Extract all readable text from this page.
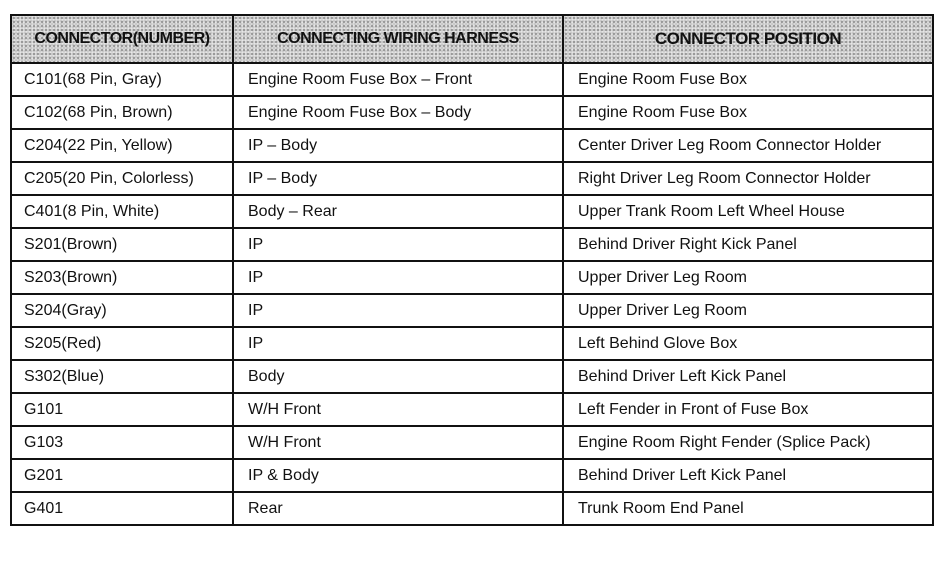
CONNECTOR(NUMBER)	CONNECTING WIRING HARNESS	CONNECTOR POSITION
C101(68 Pin, Gray)	Engine Room Fuse Box – Front	Engine Room Fuse Box
C102(68 Pin, Brown)	Engine Room Fuse Box – Body	Engine Room Fuse Box
C204(22 Pin, Yellow)	IP – Body	Center Driver Leg Room Connector Holder
C205(20 Pin, Colorless)	IP – Body	Right Driver Leg Room Connector Holder
C401(8 Pin, White)	Body – Rear	Upper Trank Room Left Wheel House
S201(Brown)	IP	Behind Driver Right Kick Panel
S203(Brown)	IP	Upper Driver Leg Room
S204(Gray)	IP	Upper Driver Leg Room
S205(Red)	IP	Left Behind Glove Box
S302(Blue)	Body	Behind Driver Left Kick Panel
G101	W/H Front	Left Fender in Front of Fuse Box
G103	W/H Front	Engine Room Right Fender (Splice Pack)
G201	IP & Body	Behind Driver Left Kick Panel
G401	Rear	Trunk Room End Panel
